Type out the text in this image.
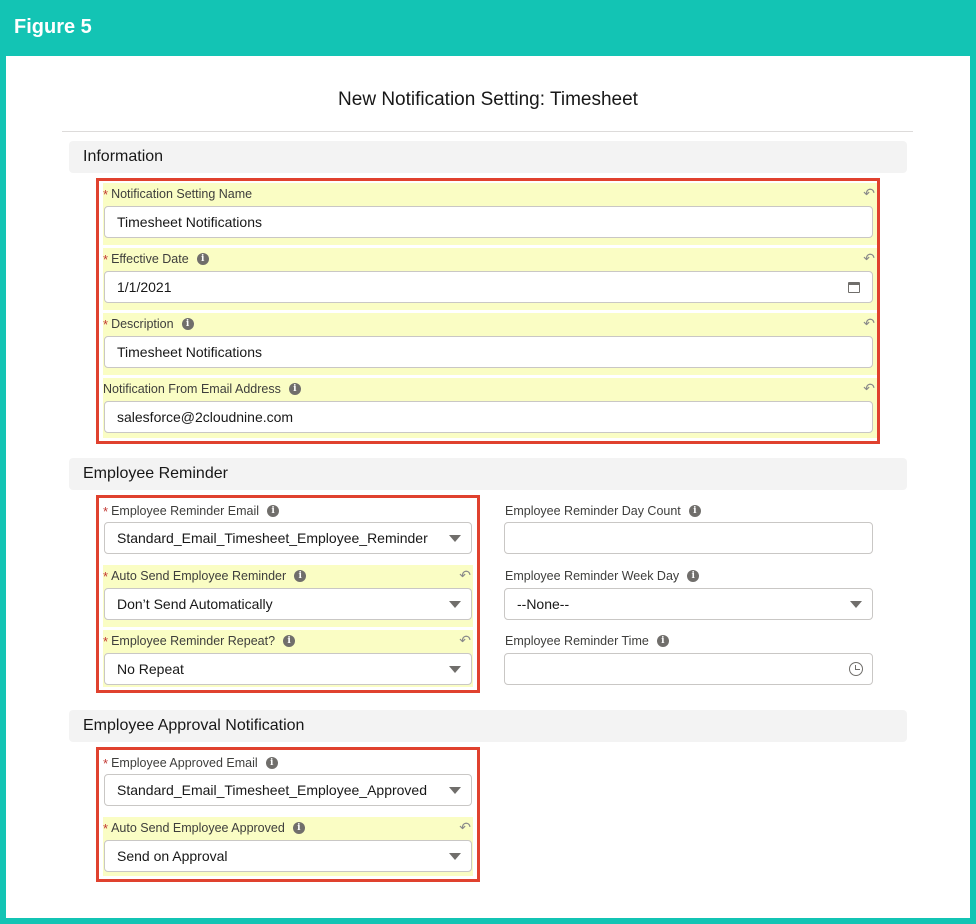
Figure 5
New Notification Setting: Timesheet
Information
* Notification Setting Name	↶
Timesheet Notifications
* Effective Date	i	↶
1/1/2021
* Description	i	↶
Timesheet Notifications
Notification From Email Address	i	↶
salesforce@2cloudnine.com
Employee Reminder
* Employee Reminder Email	i
Standard_Email_Timesheet_Employee_Reminder
* Auto Send Employee Reminder	i	↶
Don’t Send Automatically
* Employee Reminder Repeat?	i	↶
No Repeat
Employee Reminder Day Count	i
Employee Reminder Week Day	i
--None--
Employee Reminder Time	i
Employee Approval Notification
* Employee Approved Email	i
Standard_Email_Timesheet_Employee_Approved
* Auto Send Employee Approved	i	↶
Send on Approval
